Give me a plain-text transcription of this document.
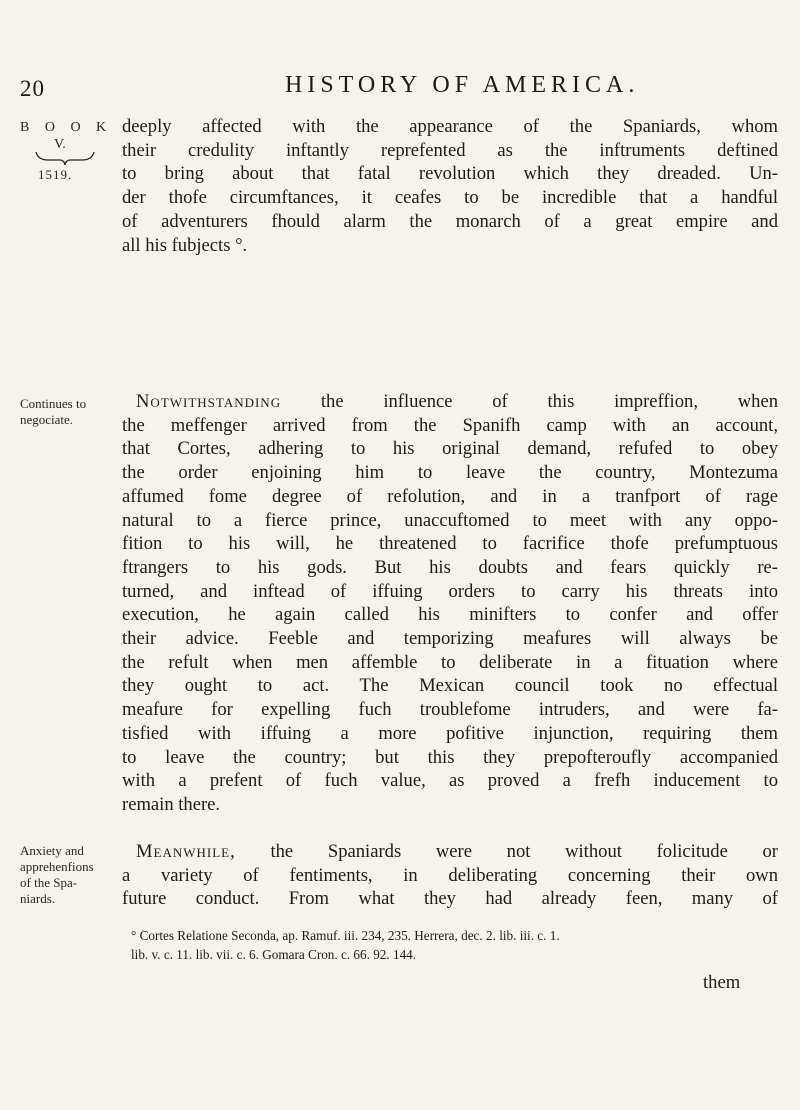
20	HISTORY OF AMERICA.
B O O K
V.
1519.
Continues to
negociate.
Anxiety and
apprehenfions
of the Spa-
niards.
deeply affected with the appearance of the Spaniards, whom
their credulity inftantly reprefented as the inftruments deftined
to bring about that fatal revolution which they dreaded. Un-
der thofe circumftances, it ceafes to be incredible that a handful
of adventurers fhould alarm the monarch of a great empire and
all his fubjects °.
Notwithstanding the influence of this impreffion, when
the meffenger arrived from the Spanifh camp with an account,
that Cortes, adhering to his original demand, refufed to obey
the order enjoining him to leave the country, Montezuma
affumed fome degree of refolution, and in a tranfport of rage
natural to a fierce prince, unaccuftomed to meet with any oppo-
fition to his will, he threatened to facrifice thofe prefumptuous
ftrangers to his gods. But his doubts and fears quickly re-
turned, and inftead of iffuing orders to carry his threats into
execution, he again called his minifters to confer and offer
their advice. Feeble and temporizing meafures will always be
the refult when men affemble to deliberate in a fituation where
they ought to act. The Mexican council took no effectual
meafure for expelling fuch troublefome intruders, and were fa-
tisfied with iffuing a more pofitive injunction, requiring them
to leave the country; but this they prepofteroufly accompanied
with a prefent of fuch value, as proved a frefh inducement to
remain there.
Meanwhile, the Spaniards were not without folicitude or
a variety of fentiments, in deliberating concerning their own
future conduct. From what they had already feen, many of
° Cortes Relatione Seconda, ap. Ramuf. iii. 234, 235. Herrera, dec. 2. lib. iii. c. 1.
lib. v. c. 11. lib. vii. c. 6. Gomara Cron. c. 66. 92. 144.
them
